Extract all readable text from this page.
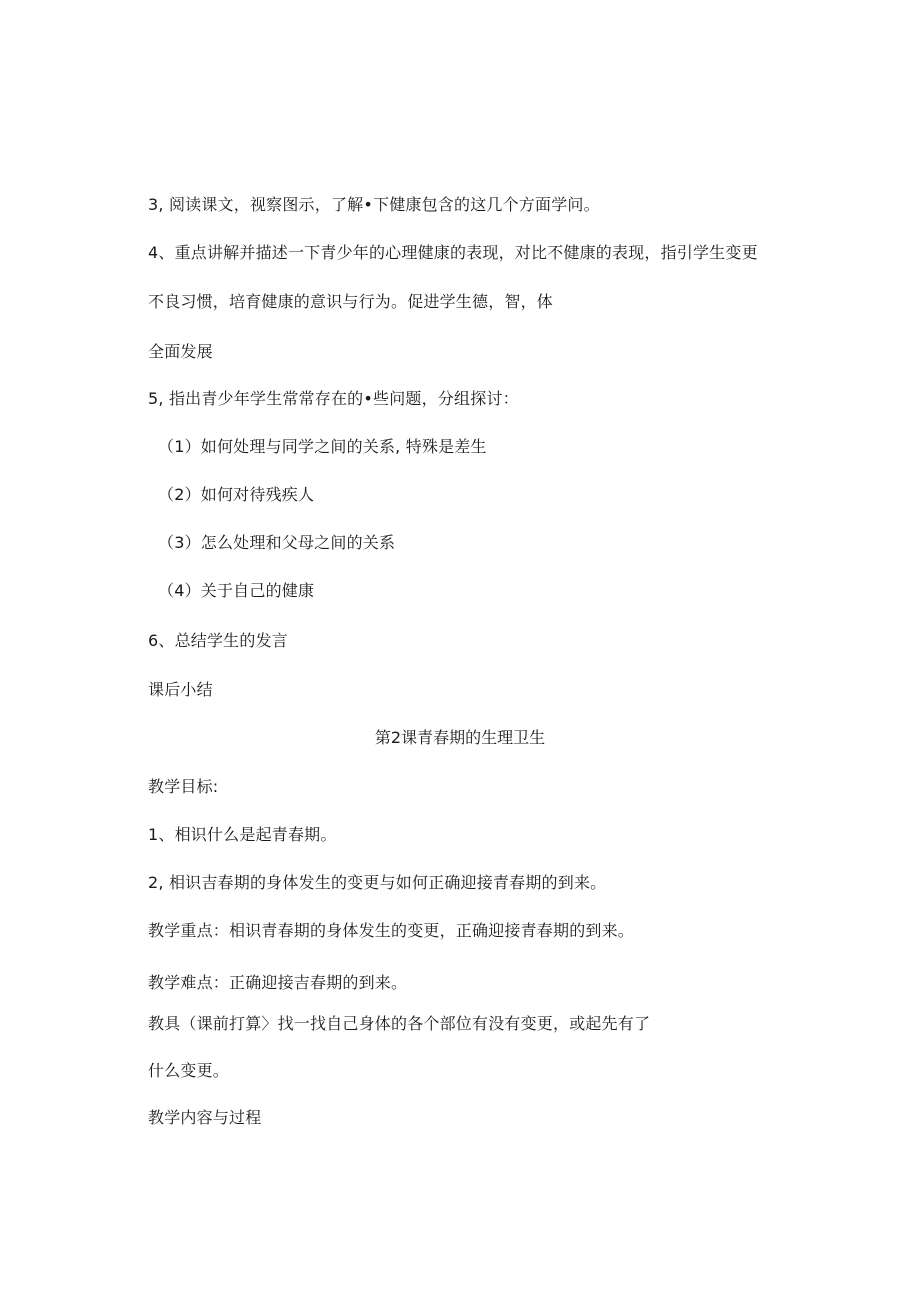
3, 阅读课文，视察图示，了解•下健康包含的这几个方面学问。
4、重点讲解并描述一下青少年的心理健康的表现，对比不健康的表现，指引学生变更
不良习惯，培育健康的意识与行为。促进学生德，智，体
全面发展
5, 指出青少年学生常常存在的•些问题，分组探讨：
（1）如何处理与同学之间的关系, 特殊是差生
（2）如何对待残疾人
（3）怎么处理和父母之间的关系
（4）关于自己的健康
6、总结学生的发言
课后小结
第2课青春期的生理卫生
教学目标:
1、相识什么是起青春期。
2, 相识吉春期的身体发生的变更与如何正确迎接青春期的到来。
教学重点：相识青春期的身体发生的变更，正确迎接青春期的到来。
教学难点：正确迎接吉春期的到来。
教具（课前打算〉找一找自己身体的各个部位有没有变更，或起先有了
什么变更。
教学内容与过程
